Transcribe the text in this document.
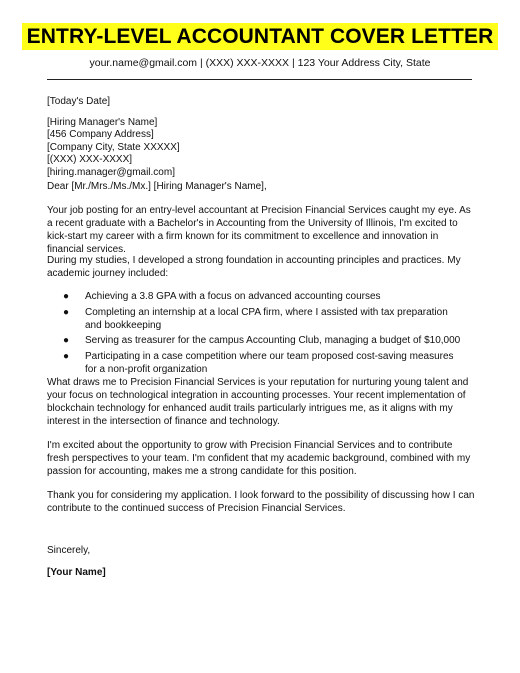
ENTRY-LEVEL ACCOUNTANT COVER LETTER
your.name@gmail.com | (XXX) XXX-XXXX | 123 Your Address City, State
[Today's Date]
[Hiring Manager's Name]
[456 Company Address]
[Company City, State XXXXX]
[(XXX) XXX-XXXX]
[hiring.manager@gmail.com]
Dear [Mr./Mrs./Ms./Mx.] [Hiring Manager's Name],
Your job posting for an entry-level accountant at Precision Financial Services caught my eye. As a recent graduate with a Bachelor's in Accounting from the University of Illinois, I'm excited to kick-start my career with a firm known for its commitment to excellence and innovation in financial services.
During my studies, I developed a strong foundation in accounting principles and practices. My academic journey included:
● Achieving a 3.8 GPA with a focus on advanced accounting courses
● Completing an internship at a local CPA firm, where I assisted with tax preparation and bookkeeping
● Serving as treasurer for the campus Accounting Club, managing a budget of $10,000
● Participating in a case competition where our team proposed cost-saving measures for a non-profit organization
What draws me to Precision Financial Services is your reputation for nurturing young talent and your focus on technological integration in accounting processes. Your recent implementation of blockchain technology for enhanced audit trails particularly intrigues me, as it aligns with my interest in the intersection of finance and technology.
I'm excited about the opportunity to grow with Precision Financial Services and to contribute fresh perspectives to your team. I'm confident that my academic background, combined with my passion for accounting, makes me a strong candidate for this position.
Thank you for considering my application. I look forward to the possibility of discussing how I can contribute to the continued success of Precision Financial Services.
Sincerely,
[Your Name]
